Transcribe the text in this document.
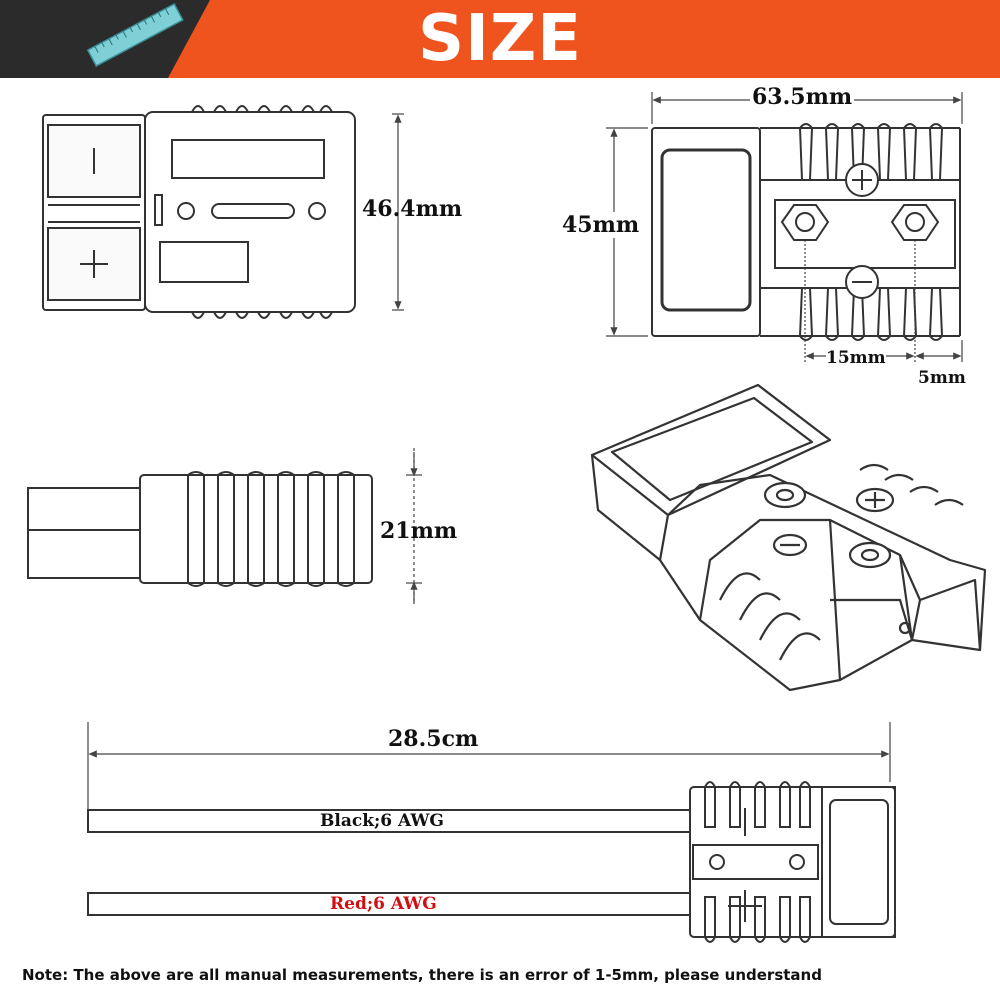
SIZE
46.4mm
63.5mm
45mm
15mm
5mm
21mm
28.5cm
Black;6 AWG
Red;6 AWG
Note: The above are all manual measurements, there is an error of 1-5mm, please understand
